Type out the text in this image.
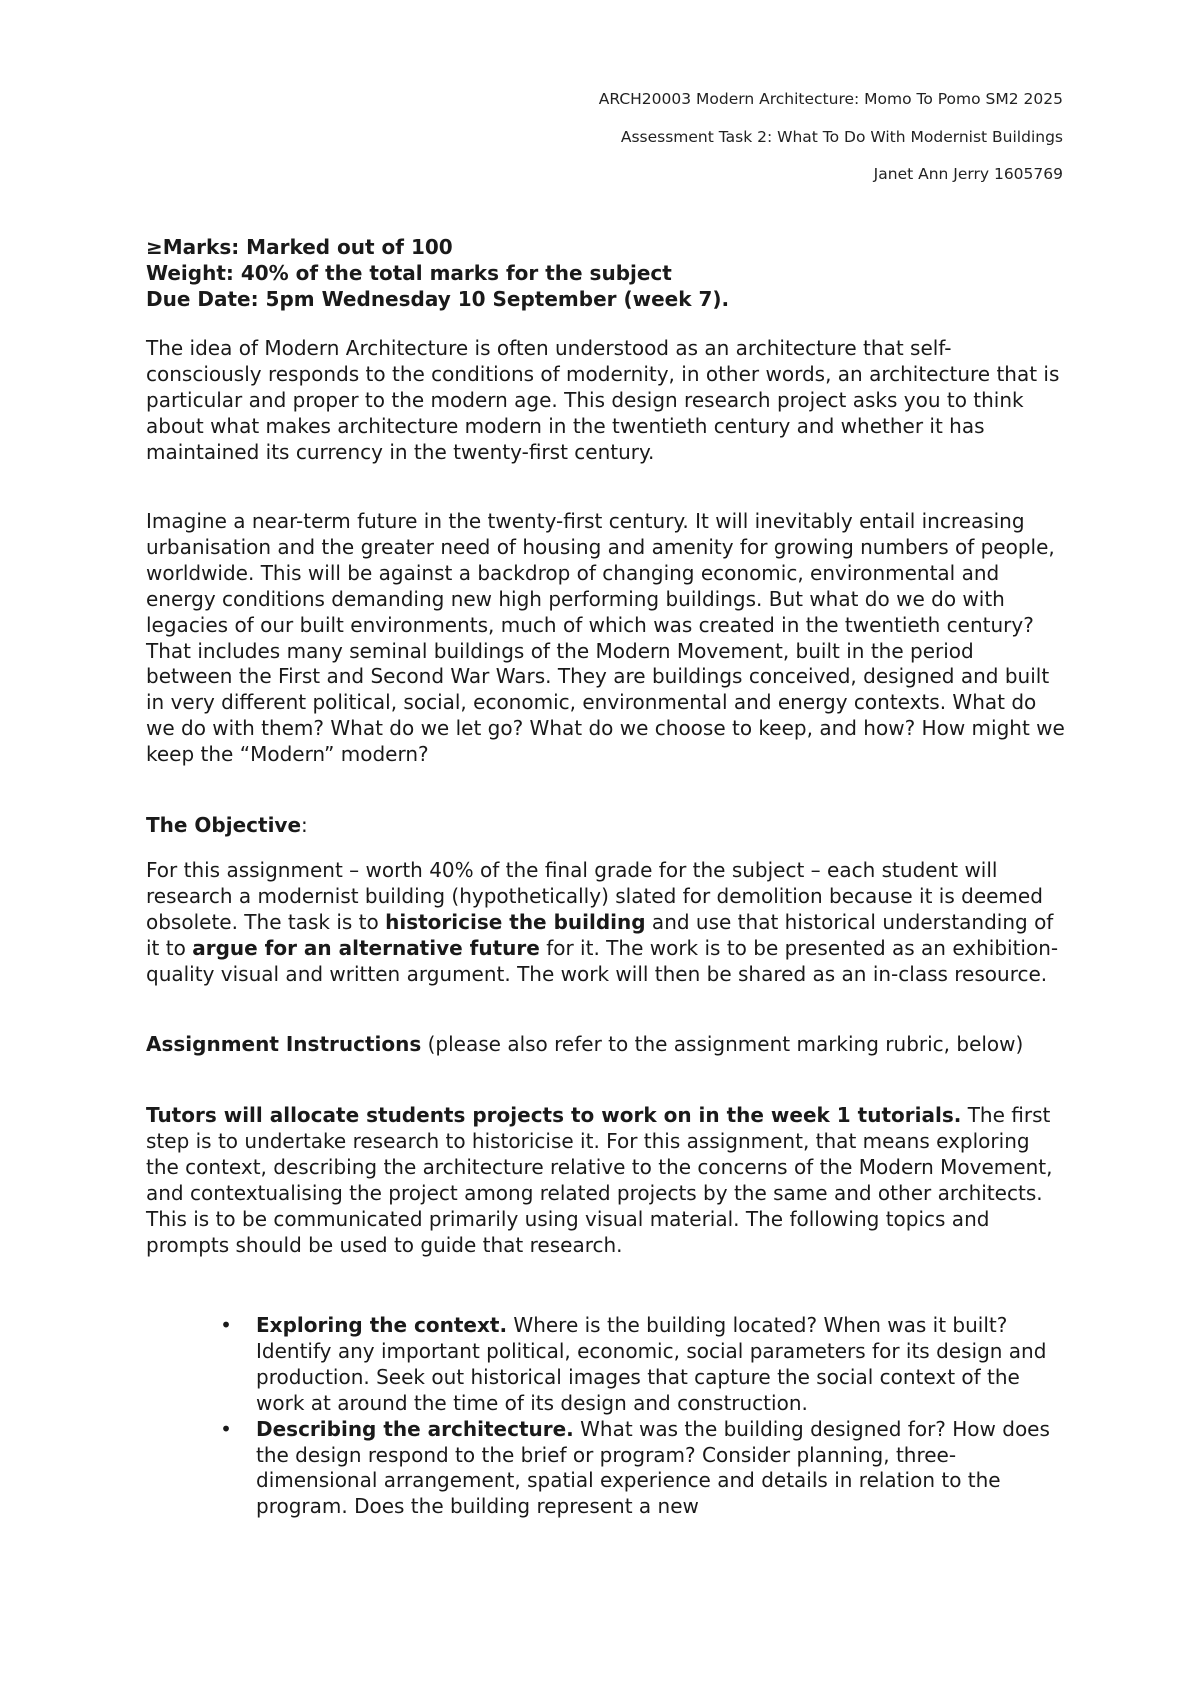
ARCH20003 Modern Architecture: Momo To Pomo SM2 2025
Assessment Task 2: What To Do With Modernist Buildings
Janet Ann Jerry 1605769

≥Marks: Marked out of 100

Weight: 40% of the total marks for the subject

Due Date: 5pm Wednesday 10 September (week 7).

The idea of Modern Architecture is often understood as an architecture that self-consciously responds to the conditions of modernity, in other words, an architecture that is particular and proper to the modern age. This design research project asks you to think about what makes architecture modern in the twentieth century and whether it has maintained its currency in the twenty-first century.

Imagine a near-term future in the twenty-first century. It will inevitably entail increasing urbanisation and the greater need of housing and amenity for growing numbers of people, worldwide. This will be against a backdrop of changing economic, environmental and energy conditions demanding new high performing buildings. But what do we do with legacies of our built environments, much of which was created in the twentieth century? That includes many seminal buildings of the Modern Movement, built in the period between the First and Second War Wars. They are buildings conceived, designed and built in very different political, social, economic, environmental and energy contexts. What do we do with them? What do we let go? What do we choose to keep, and how? How might we keep the “Modern” modern?

The Objective:

For this assignment – worth 40% of the final grade for the subject – each student will research a modernist building (hypothetically) slated for demolition because it is deemed obsolete. The task is to historicise the building and use that historical understanding of it to argue for an alternative future for it. The work is to be presented as an exhibition-quality visual and written argument. The work will then be shared as an in-class resource.

Assignment Instructions (please also refer to the assignment marking rubric, below)

Tutors will allocate students projects to work on in the week 1 tutorials. The first step is to undertake research to historicise it. For this assignment, that means exploring the context, describing the architecture relative to the concerns of the Modern Movement, and contextualising the project among related projects by the same and other architects. This is to be communicated primarily using visual material. The following topics and prompts should be used to guide that research.

• Exploring the context. Where is the building located? When was it built? Identify any important political, economic, social parameters for its design and production. Seek out historical images that capture the social context of the work at around the time of its design and construction.
• Describing the architecture. What was the building designed for? How does the design respond to the brief or program? Consider planning, three-dimensional arrangement, spatial experience and details in relation to the program. Does the building represent a new
